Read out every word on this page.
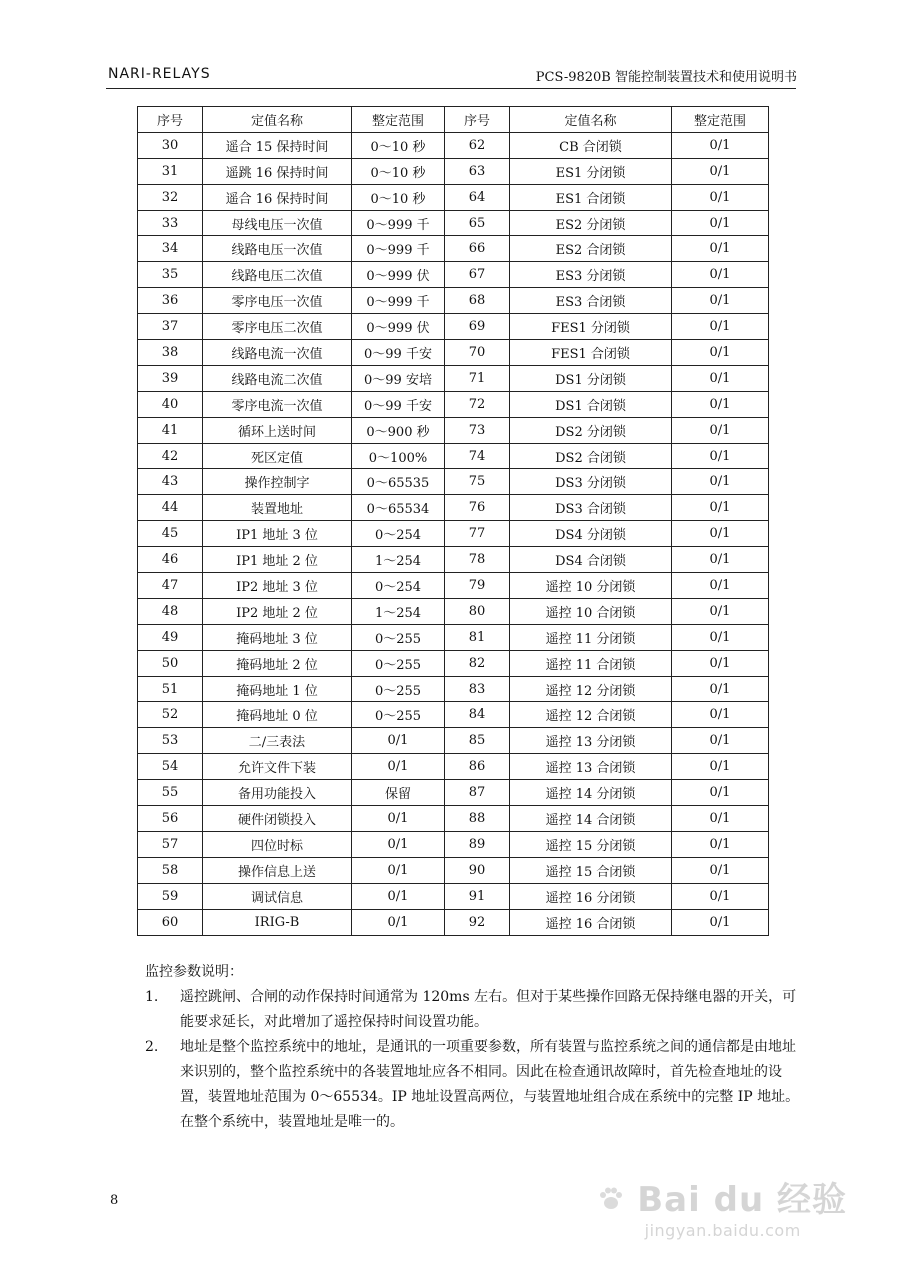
NARI-RELAYS	PCS-9820B 智能控制装置技术和使用说明书
序号	定值名称	整定范围	序号	定值名称	整定范围
30	遥合 15 保持时间	0～10 秒	62	CB 合闭锁	0/1
31	遥跳 16 保持时间	0～10 秒	63	ES1 分闭锁	0/1
32	遥合 16 保持时间	0～10 秒	64	ES1 合闭锁	0/1
33	母线电压一次值	0～999 千	65	ES2 分闭锁	0/1
34	线路电压一次值	0～999 千	66	ES2 合闭锁	0/1
35	线路电压二次值	0～999 伏	67	ES3 分闭锁	0/1
36	零序电压一次值	0～999 千	68	ES3 合闭锁	0/1
37	零序电压二次值	0～999 伏	69	FES1 分闭锁	0/1
38	线路电流一次值	0～99 千安	70	FES1 合闭锁	0/1
39	线路电流二次值	0～99 安培	71	DS1 分闭锁	0/1
40	零序电流一次值	0～99 千安	72	DS1 合闭锁	0/1
41	循环上送时间	0～900 秒	73	DS2 分闭锁	0/1
42	死区定值	0～100%	74	DS2 合闭锁	0/1
43	操作控制字	0～65535	75	DS3 分闭锁	0/1
44	装置地址	0～65534	76	DS3 合闭锁	0/1
45	IP1 地址 3 位	0～254	77	DS4 分闭锁	0/1
46	IP1 地址 2 位	1～254	78	DS4 合闭锁	0/1
47	IP2 地址 3 位	0～254	79	遥控 10 分闭锁	0/1
48	IP2 地址 2 位	1～254	80	遥控 10 合闭锁	0/1
49	掩码地址 3 位	0～255	81	遥控 11 分闭锁	0/1
50	掩码地址 2 位	0～255	82	遥控 11 合闭锁	0/1
51	掩码地址 1 位	0～255	83	遥控 12 分闭锁	0/1
52	掩码地址 0 位	0～255	84	遥控 12 合闭锁	0/1
53	二/三表法	0/1	85	遥控 13 分闭锁	0/1
54	允许文件下装	0/1	86	遥控 13 合闭锁	0/1
55	备用功能投入	保留	87	遥控 14 分闭锁	0/1
56	硬件闭锁投入	0/1	88	遥控 14 合闭锁	0/1
57	四位时标	0/1	89	遥控 15 分闭锁	0/1
58	操作信息上送	0/1	90	遥控 15 合闭锁	0/1
59	调试信息	0/1	91	遥控 16 分闭锁	0/1
60	IRIG-B	0/1	92	遥控 16 合闭锁	0/1
监控参数说明：
1. 遥控跳闸、合闸的动作保持时间通常为 120ms 左右。但对于某些操作回路无保持继电器的开关，可能要求延长，对此增加了遥控保持时间设置功能。
2. 地址是整个监控系统中的地址，是通讯的一项重要参数，所有装置与监控系统之间的通信都是由地址来识别的，整个监控系统中的各装置地址应各不相同。因此在检查通讯故障时，首先检查地址的设置，装置地址范围为 0～65534。IP 地址设置高两位，与装置地址组合成在系统中的完整 IP 地址。在整个系统中，装置地址是唯一的。
8	Bai du 经验
jingyan.baidu.com
